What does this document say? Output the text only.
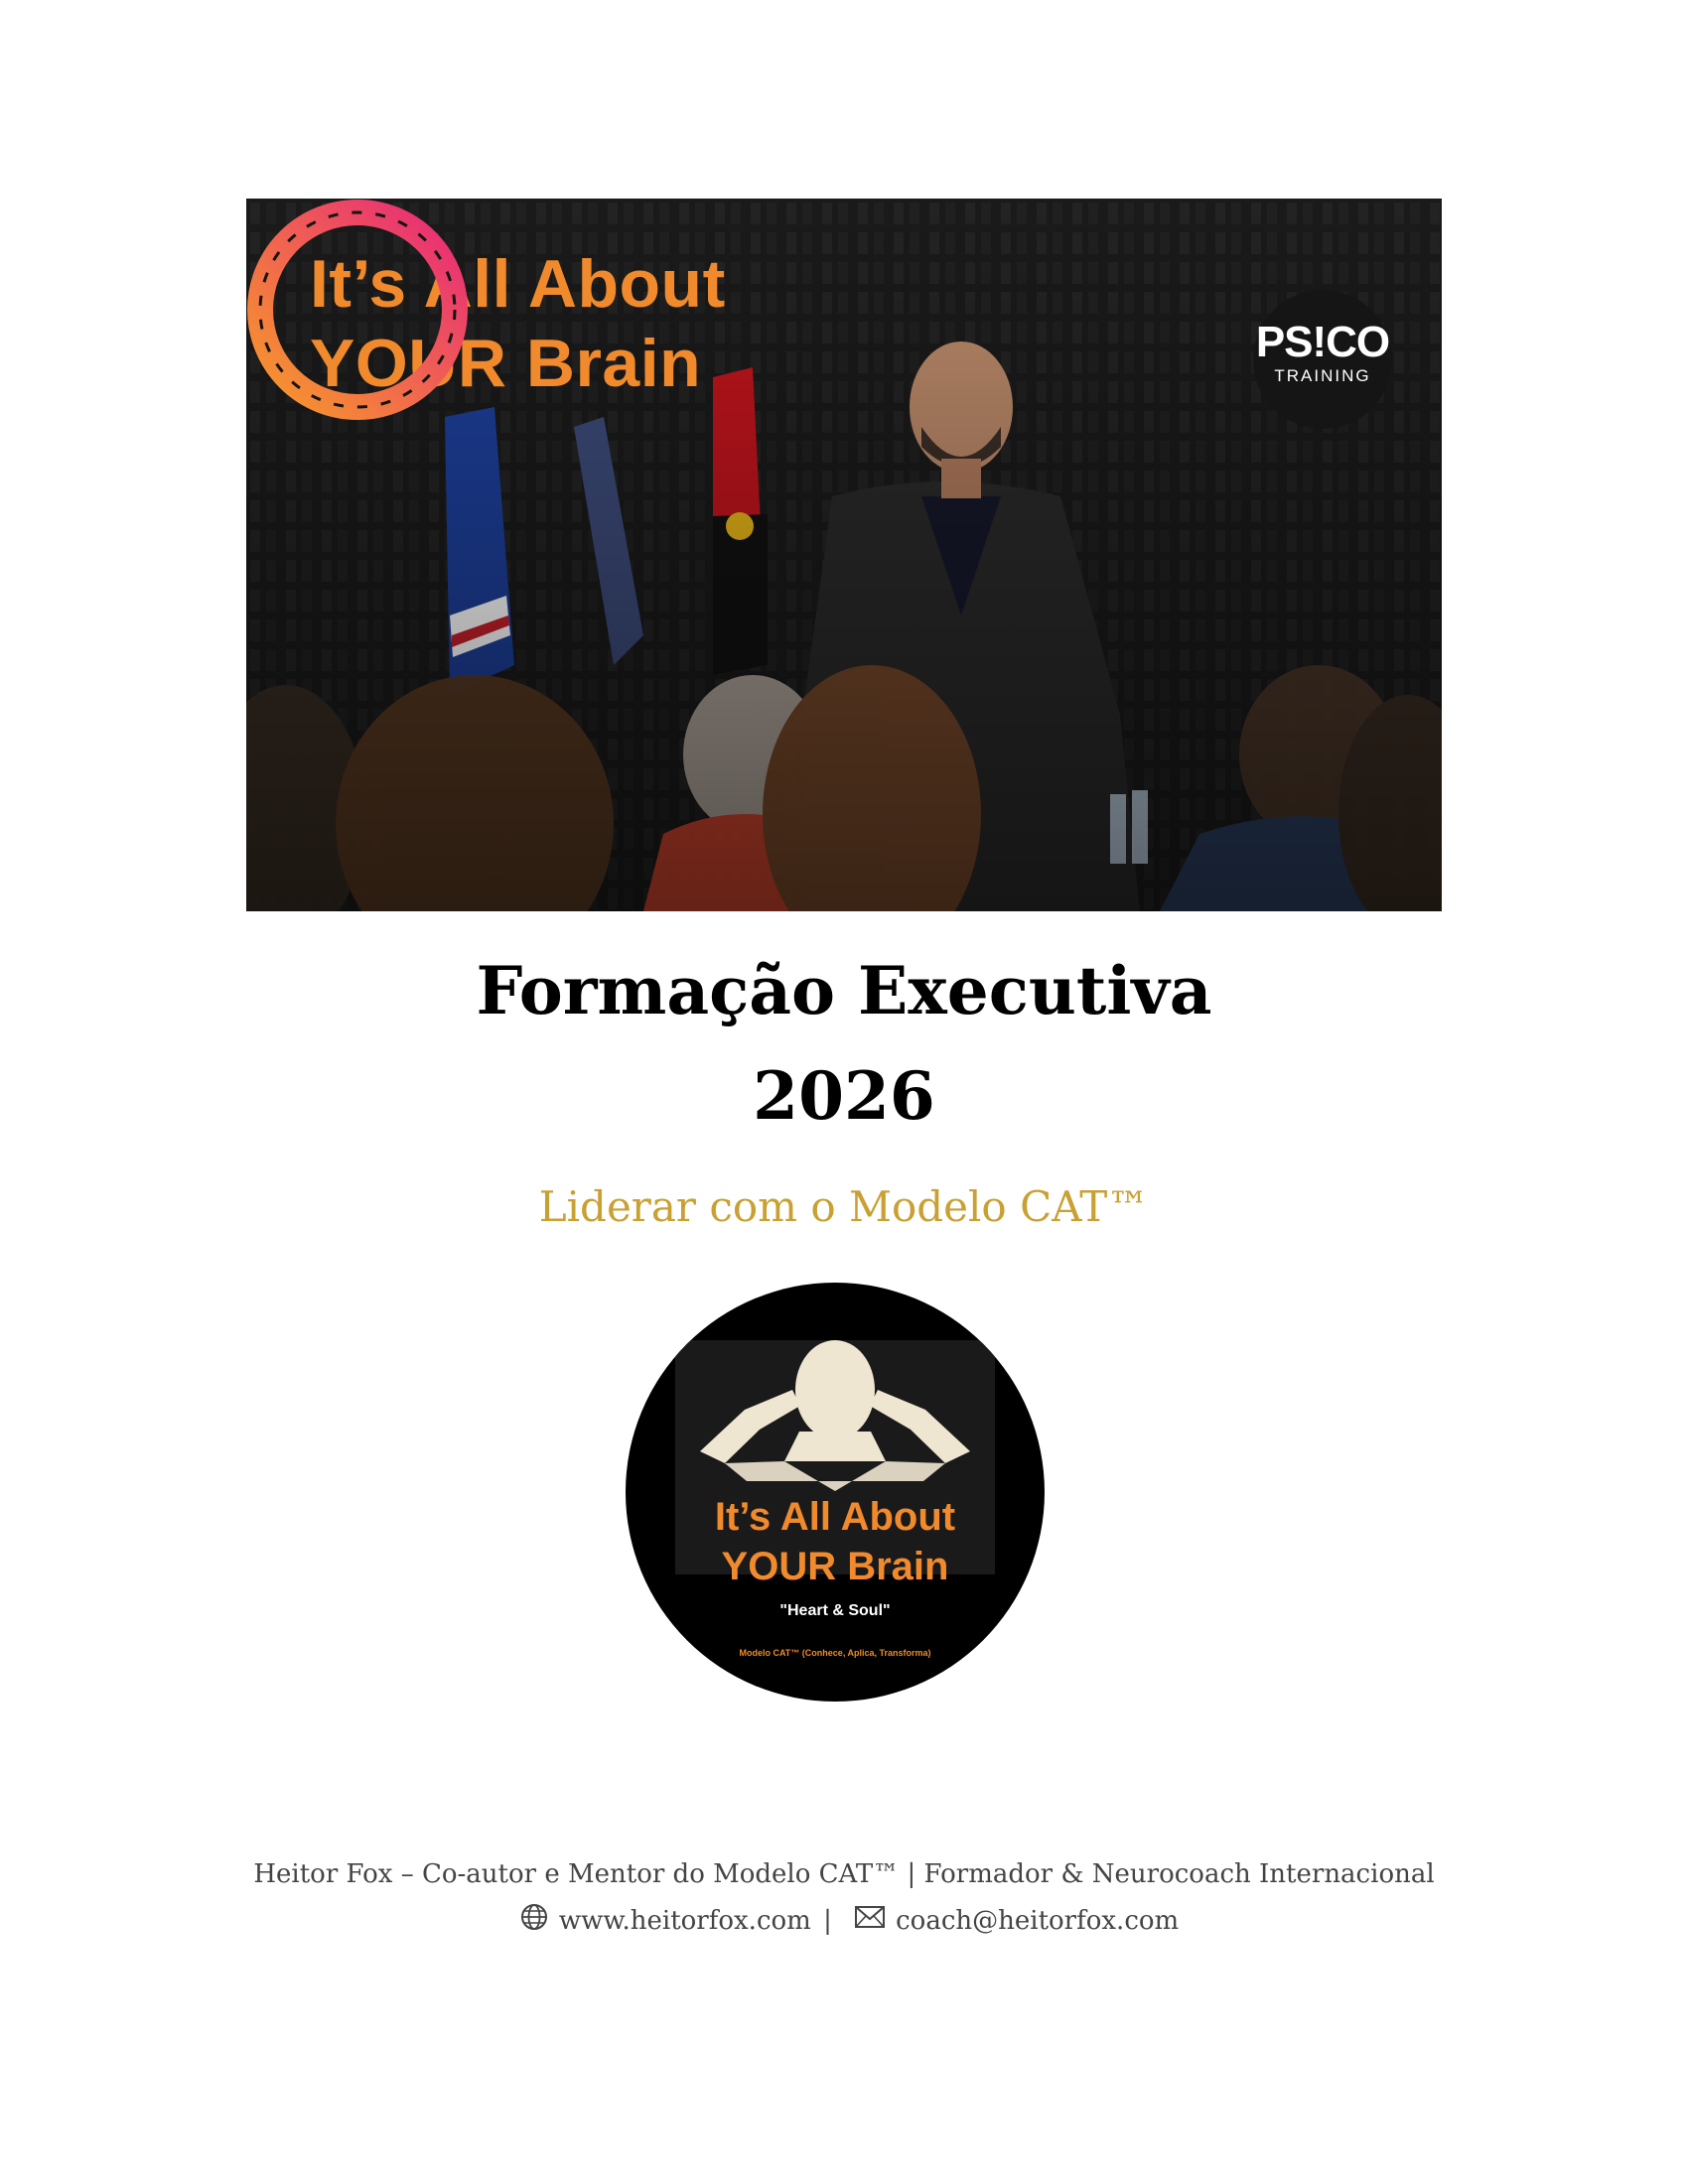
It’s All About
YOUR Brain	PS!CO
TRAINING
Formação Executiva
2026
Liderar com o Modelo CAT™
It’s All About
YOUR Brain
"Heart & Soul"
Modelo CAT™ (Conhece, Aplica, Transforma)
Heitor Fox – Co-autor e Mentor do Modelo CAT™ | Formador & Neurocoach Internacional
www.heitorfox.com | coach@heitorfox.com
